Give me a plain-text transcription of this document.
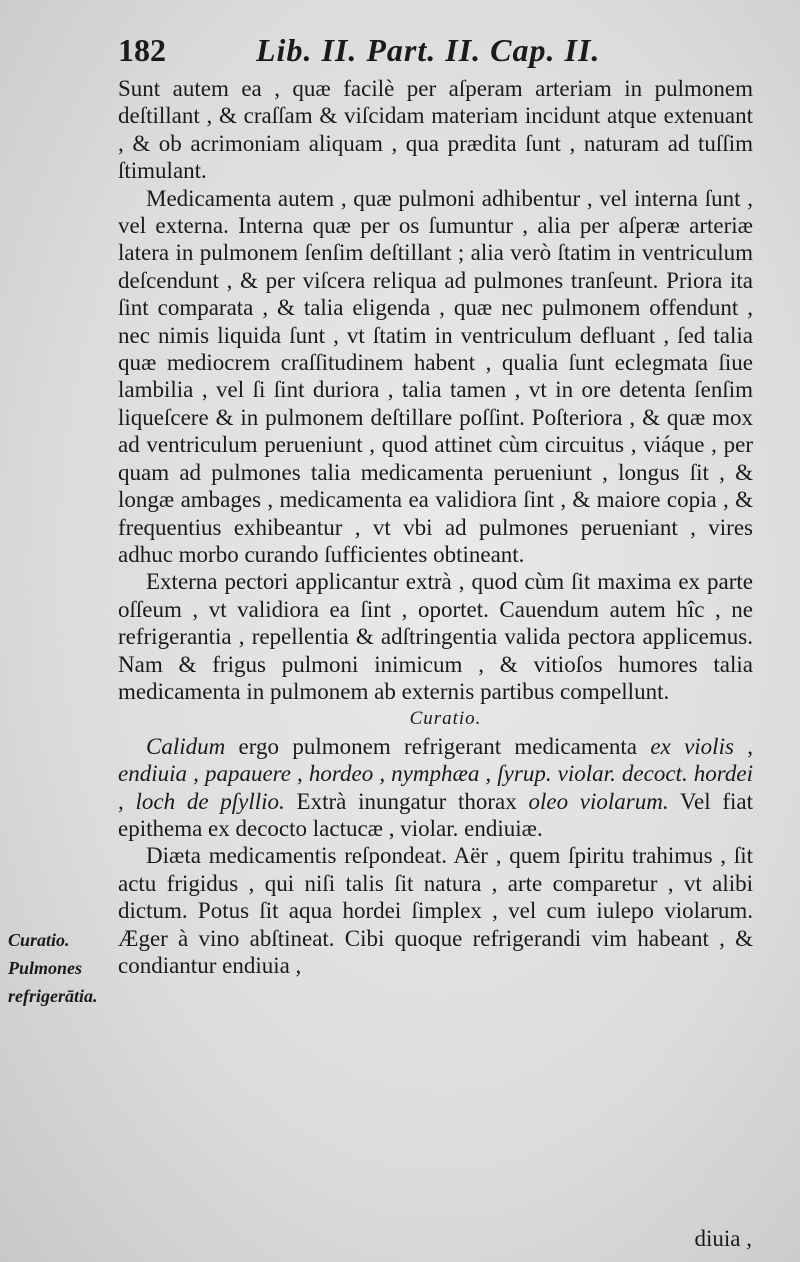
182	Lib. II. Part. II. Cap. II.

Sunt autem ea , quæ facilè per aſperam arteriam in pulmonem deſtillant , & craſſam & viſcidam materiam incidunt atque extenuant , & ob acrimoniam aliquam , qua prædita ſunt , naturam ad tuſſim ſtimulant.

Medicamenta autem , quæ pulmoni adhibentur , vel interna ſunt , vel externa. Interna quæ per os ſumuntur , alia per aſperæ arteriæ latera in pulmonem ſenſim deſtillant ; alia verò ſtatim in ventriculum deſcendunt , & per viſcera reliqua ad pulmones tranſeunt. Priora ita ſint comparata , & talia eligenda , quæ nec pulmonem offendunt , nec nimis liquida ſunt , vt ſtatim in ventriculum defluant , ſed talia quæ mediocrem craſſitudinem habent , qualia ſunt eclegmata ſiue lambilia , vel ſi ſint duriora , talia tamen , vt in ore detenta ſenſim liqueſcere & in pulmonem deſtillare poſſint. Poſteriora , & quæ mox ad ventriculum perueniunt , quod attinet cùm circuitus , viáque , per quam ad pulmones talia medicamenta perueniunt , longus ſit , & longæ ambages , medicamenta ea validiora ſint , & maiore copia , & frequentius exhibeantur , vt vbi ad pulmones perueniant , vires adhuc morbo curando ſufficientes obtineant.

Externa pectori applicantur extrà , quod cùm ſit maxima ex parte oſſeum , vt validiora ea ſint , oportet. Cauendum autem hîc , ne refrigerantia , repellentia & adſtringentia valida pectora applicemus. Nam & frigus pulmoni inimicum , & vitioſos humores talia medicamenta in pulmonem ab externis partibus compellunt.

Curatio.

Calidum ergo pulmonem refrigerant medicamenta ex violis , endiuia , papauere , hordeo , nymphæa , ſyrup. violar. decoct. hordei , loch de pſyllio. Extrà inungatur thorax oleo violarum. Vel fiat epithema ex decocto lactucæ , violar. endiuiæ.

Diæta medicamentis reſpondeat. Aër , quem ſpiritu trahimus , ſit actu frigidus , qui niſi talis ſit natura , arte comparetur , vt alibi dictum. Potus ſit aqua hordei ſimplex , vel cum iulepo violarum. Æger à vino abſtineat. Cibi quoque refrigerandi vim habeant , & condiantur endiuia ,

Curatio. Pulmones refrigerātia.
diuia ,
